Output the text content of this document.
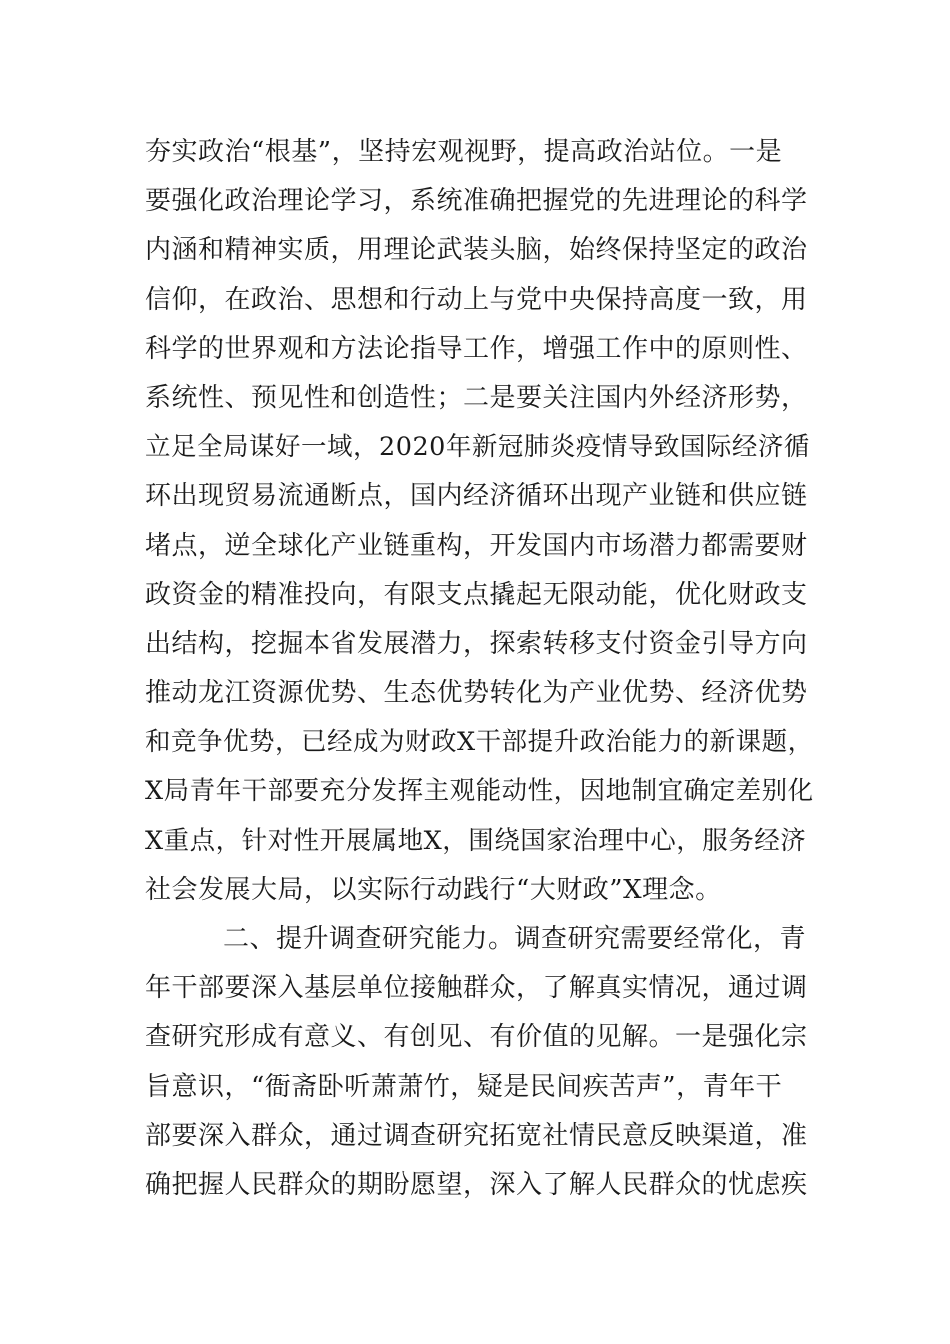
夯实政治“根基”，坚持宏观视野，提高政治站位。一是
要强化政治理论学习，系统准确把握党的先进理论的科学
内涵和精神实质，用理论武装头脑，始终保持坚定的政治
信仰，在政治、思想和行动上与党中央保持高度一致，用
科学的世界观和方法论指导工作，增强工作中的原则性、
系统性、预见性和创造性；二是要关注国内外经济形势，
立足全局谋好一域，2020年新冠肺炎疫情导致国际经济循
环出现贸易流通断点，国内经济循环出现产业链和供应链
堵点，逆全球化产业链重构，开发国内市场潜力都需要财
政资金的精准投向，有限支点撬起无限动能，优化财政支
出结构，挖掘本省发展潜力，探索转移支付资金引导方向
推动龙江资源优势、生态优势转化为产业优势、经济优势
和竞争优势，已经成为财政X干部提升政治能力的新课题，
X局青年干部要充分发挥主观能动性，因地制宜确定差别化
X重点，针对性开展属地X，围绕国家治理中心，服务经济
社会发展大局，以实际行动践行“大财政”X理念。
二、提升调查研究能力。调查研究需要经常化，青
年干部要深入基层单位接触群众，了解真实情况，通过调
查研究形成有意义、有创见、有价值的见解。一是强化宗
旨意识，“衙斋卧听萧萧竹，疑是民间疾苦声”，青年干
部要深入群众，通过调查研究拓宽社情民意反映渠道，准
确把握人民群众的期盼愿望，深入了解人民群众的忧虑疾
